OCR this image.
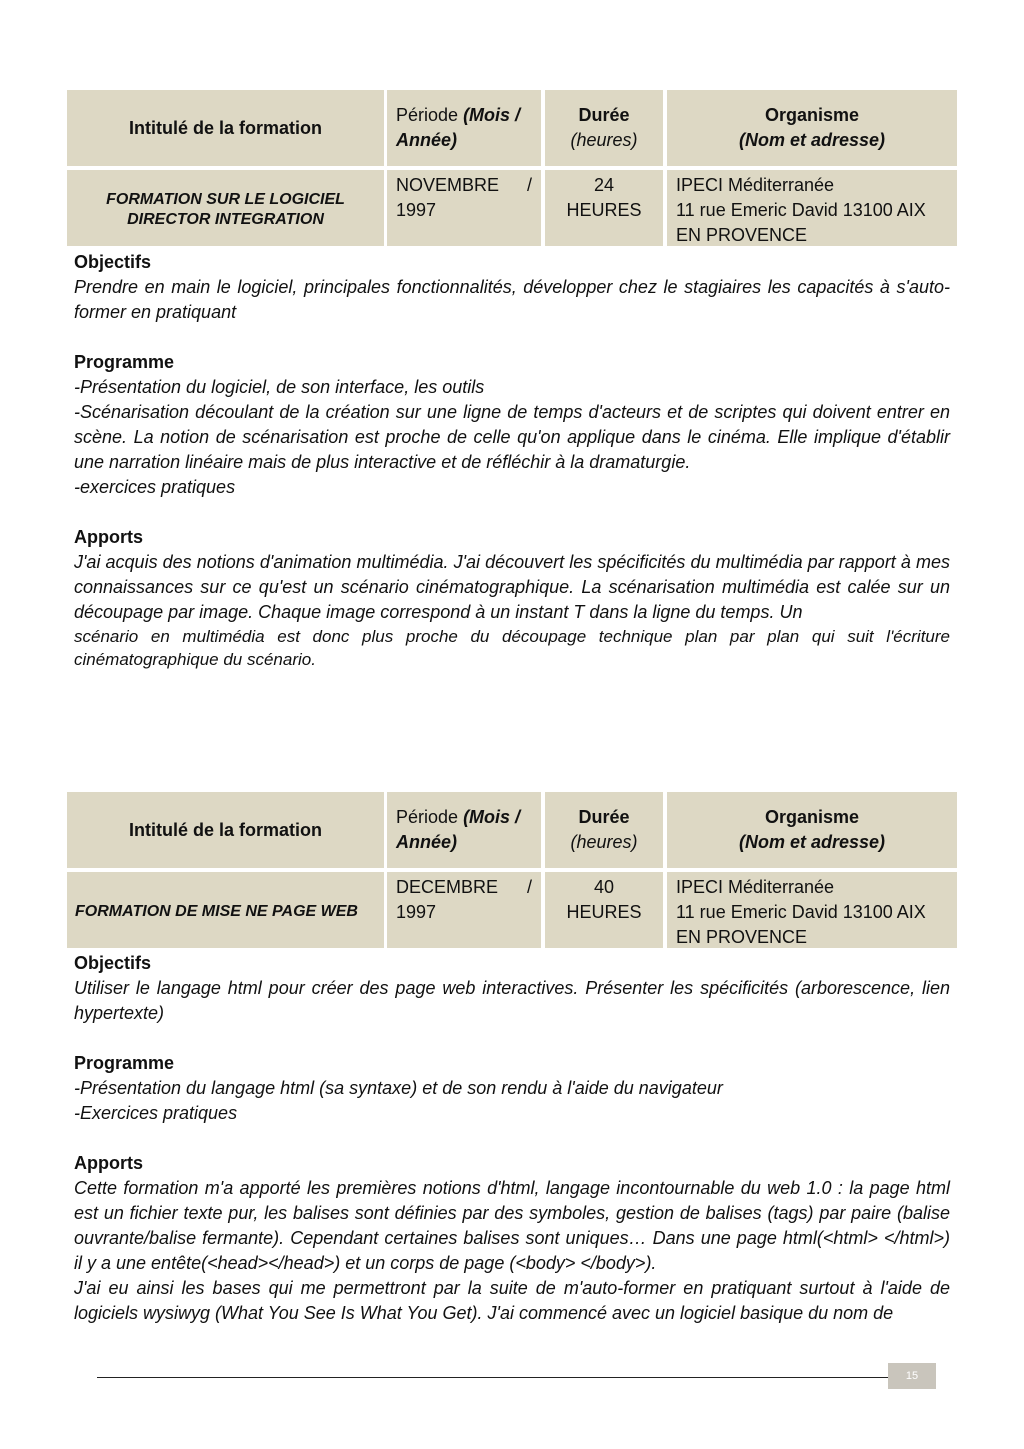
Intitulé de la formation
Période (Mois /
Année)
Durée
(heures)
Organisme
(Nom et adresse)
FORMATION SUR LE LOGICIEL
DIRECTOR INTEGRATION
NOVEMBRE /
1997
24 HEURES
IPECI Méditerranée
11 rue Emeric David 13100 AIX
EN PROVENCE
Objectifs
Prendre en main le logiciel, principales fonctionnalités, développer chez le stagiaires les capacités à s'auto-former en pratiquant
Programme
-Présentation du logiciel, de son interface, les outils
-Scénarisation découlant de la création sur une ligne de temps d'acteurs et de scriptes qui doivent entrer en scène. La notion de scénarisation est proche de celle qu'on applique dans le cinéma. Elle implique d'établir une narration linéaire mais de plus interactive et de réfléchir à la dramaturgie.
-exercices pratiques
Apports
J'ai acquis des notions d'animation multimédia. J'ai découvert les spécificités du multimédia par rapport à mes connaissances sur ce qu'est un scénario cinématographique. La scénarisation multimédia est calée sur un découpage par image. Chaque image correspond à un instant T dans la ligne du temps. Un
scénario en multimédia est donc plus proche du découpage technique plan par plan qui suit l'écriture cinématographique du scénario.
Intitulé de la formation
Période (Mois /
Année)
Durée
(heures)
Organisme
(Nom et adresse)
FORMATION DE MISE NE PAGE WEB
DECEMBRE /
1997
40 HEURES
IPECI Méditerranée
11 rue Emeric David 13100 AIX
EN PROVENCE
Objectifs
Utiliser le langage html pour créer des page web interactives. Présenter les spécificités (arborescence, lien hypertexte)
Programme
-Présentation du langage html (sa syntaxe) et de son rendu à l'aide du navigateur
-Exercices pratiques
Apports
Cette formation m'a apporté les premières notions d'html, langage incontournable du web 1.0 : la page html est un fichier texte pur, les balises sont définies par des symboles, gestion de balises (tags) par paire (balise ouvrante/balise fermante). Cependant certaines balises sont uniques… Dans une page html(<html> </html>) il y a une entête(<head></head>) et un corps de page (<body> </body>).
J'ai eu ainsi les bases qui me permettront par la suite de m'auto-former en pratiquant surtout à l'aide de logiciels wysiwyg (What You See Is What You Get). J'ai commencé avec un logiciel basique du nom de
15
